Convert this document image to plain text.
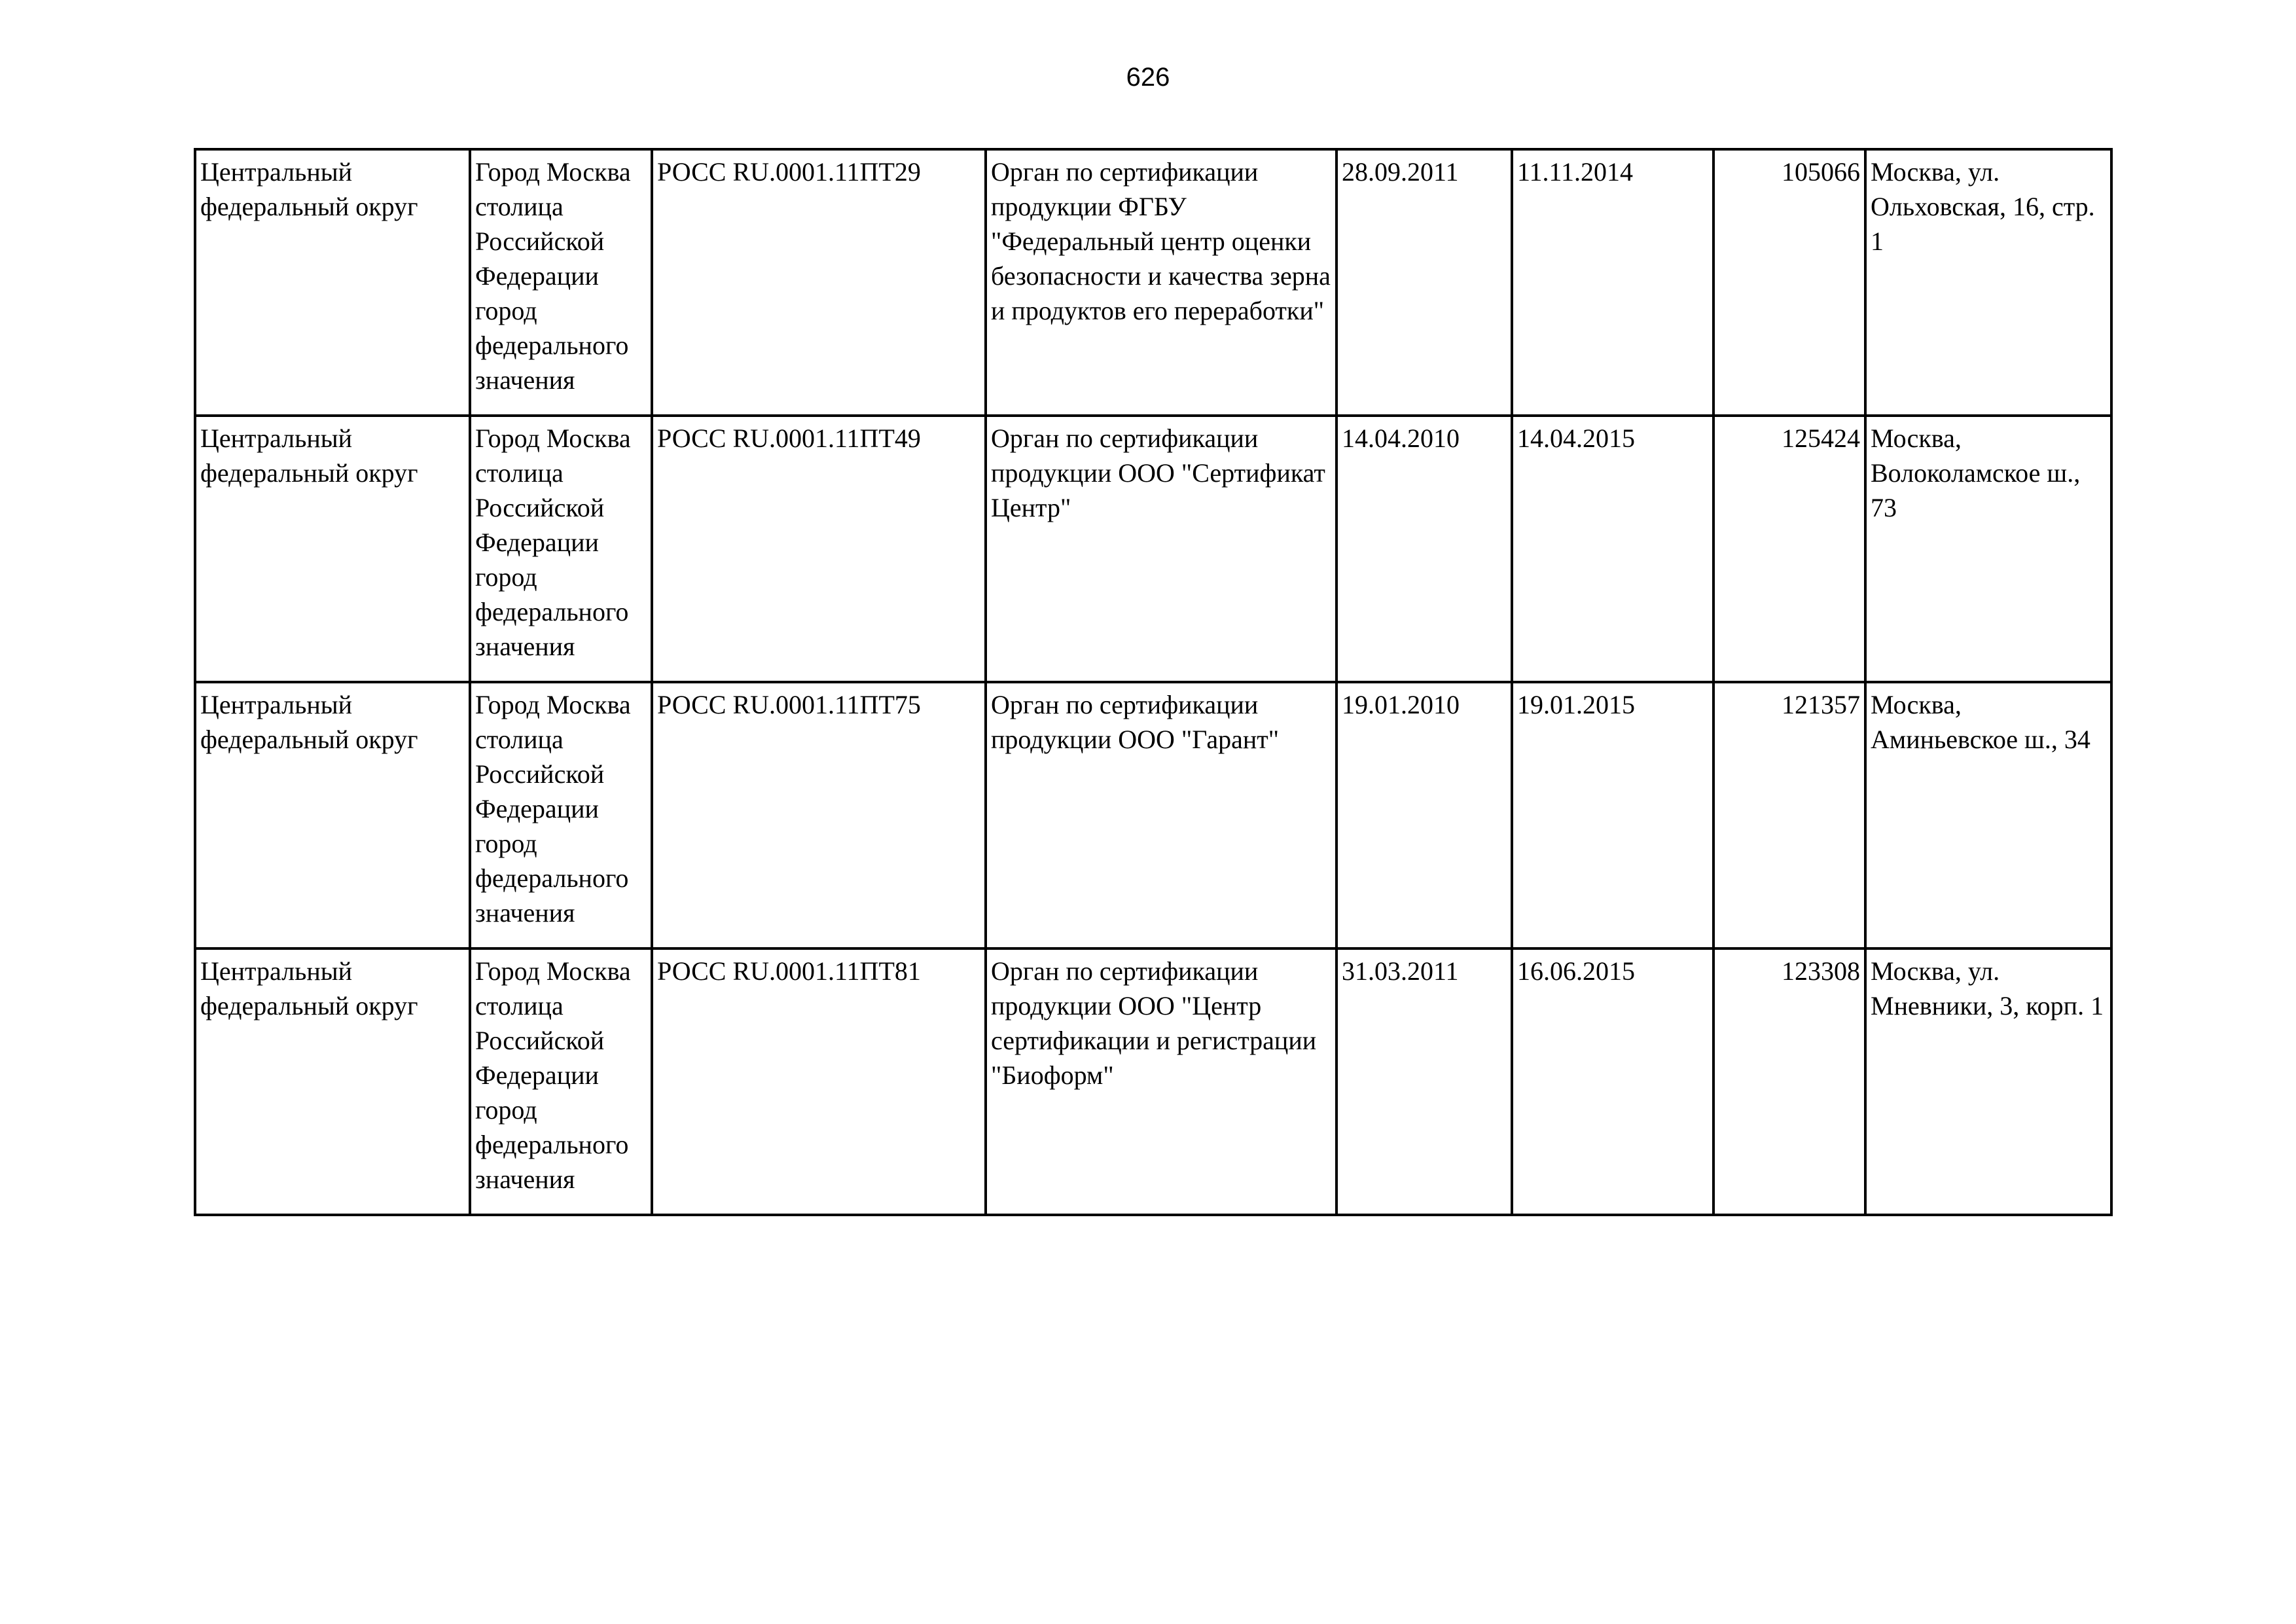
626
Центральный федеральный округ	Город Москва столица Российской Федерации город федерального значения	РОСС RU.0001.11ПТ29	Орган по сертификации продукции ФГБУ "Федеральный центр оценки безопасности и качества зерна и продуктов его переработки"	28.09.2011	11.11.2014	105066	Москва, ул. Ольховская, 16, стр. 1

Центральный федеральный округ	Город Москва столица Российской Федерации город федерального значения	РОСС RU.0001.11ПТ49	Орган по сертификации продукции ООО "Сертификат Центр"	14.04.2010	14.04.2015	125424	Москва, Волоколамское ш., 73

Центральный федеральный округ	Город Москва столица Российской Федерации город федерального значения	РОСС RU.0001.11ПТ75	Орган по сертификации продукции ООО "Гарант"	19.01.2010	19.01.2015	121357	Москва, Аминьевское ш., 34

Центральный федеральный округ	Город Москва столица Российской Федерации город федерального значения	РОСС RU.0001.11ПТ81	Орган по сертификации продукции ООО "Центр сертификации и регистрации "Биоформ"	31.03.2011	16.06.2015	123308	Москва, ул. Мневники, 3, корп. 1
